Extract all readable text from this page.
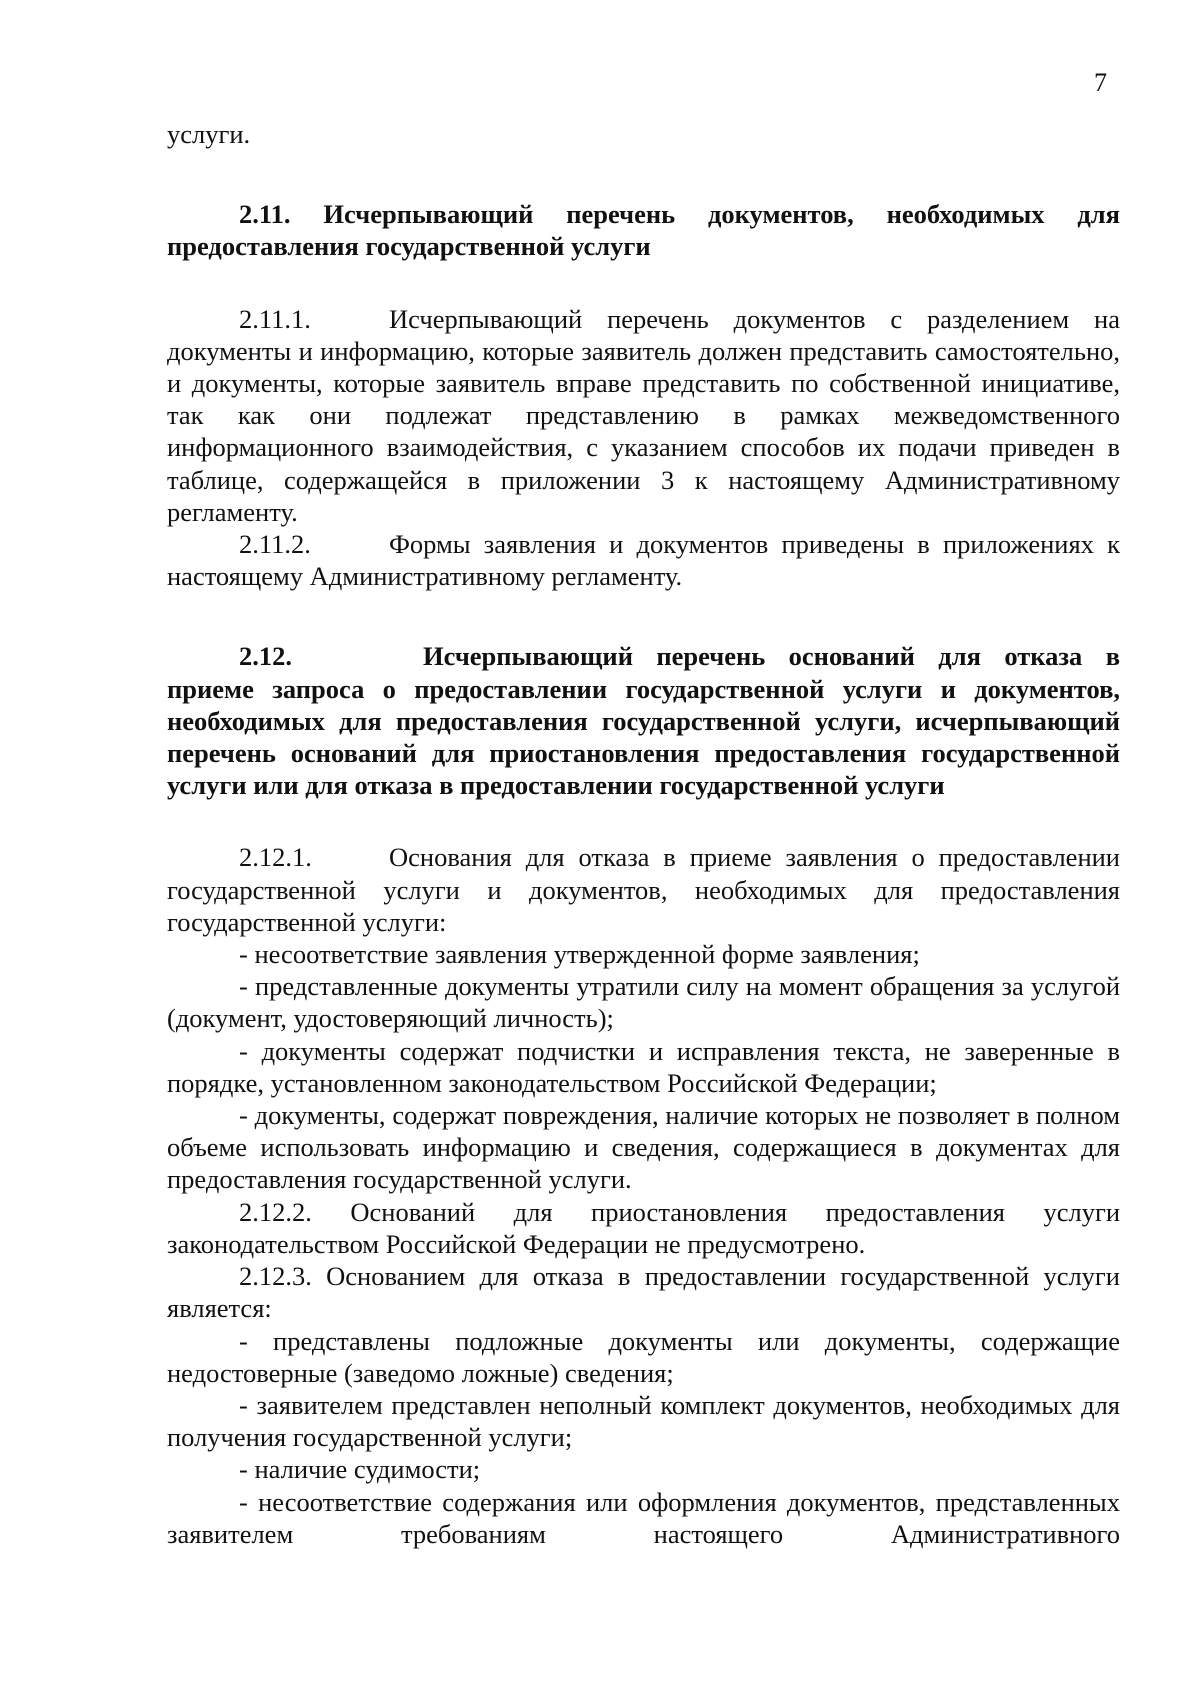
7

услуги.

2.11. Исчерпывающий перечень документов, необходимых для предоставления государственной услуги

2.11.1.	Исчерпывающий перечень документов с разделением на документы и информацию, которые заявитель должен представить самостоятельно, и документы, которые заявитель вправе представить по собственной инициативе, так как они подлежат представлению в рамках межведомственного информационного взаимодействия, с указанием способов их подачи приведен в таблице, содержащейся в приложении 3 к настоящему Административному регламенту.

2.11.2.	Формы заявления и документов приведены в приложениях к настоящему Административному регламенту.

2.12.	Исчерпывающий перечень оснований для отказа в приеме запроса о предоставлении государственной услуги и документов, необходимых для предоставления государственной услуги, исчерпывающий перечень оснований для приостановления предоставления государственной услуги или для отказа в предоставлении государственной услуги

2.12.1.	Основания для отказа в приеме заявления о предоставлении государственной услуги и документов, необходимых для предоставления государственной услуги:

- несоответствие заявления утвержденной форме заявления;

- представленные документы утратили силу на момент обращения за услугой (документ, удостоверяющий личность);

- документы содержат подчистки и исправления текста, не заверенные в порядке, установленном законодательством Российской Федерации;

- документы, содержат повреждения, наличие которых не позволяет в полном объеме использовать информацию и сведения, содержащиеся в документах для предоставления государственной услуги.

2.12.2. Оснований для приостановления предоставления услуги законодательством Российской Федерации не предусмотрено.

2.12.3. Основанием для отказа в предоставлении государственной услуги является:

- представлены подложные документы или документы, содержащие недостоверные (заведомо ложные) сведения;

- заявителем представлен неполный комплект документов, необходимых для получения государственной услуги;

- наличие судимости;

- несоответствие содержания или оформления документов, представленных заявителем требованиям настоящего Административного
